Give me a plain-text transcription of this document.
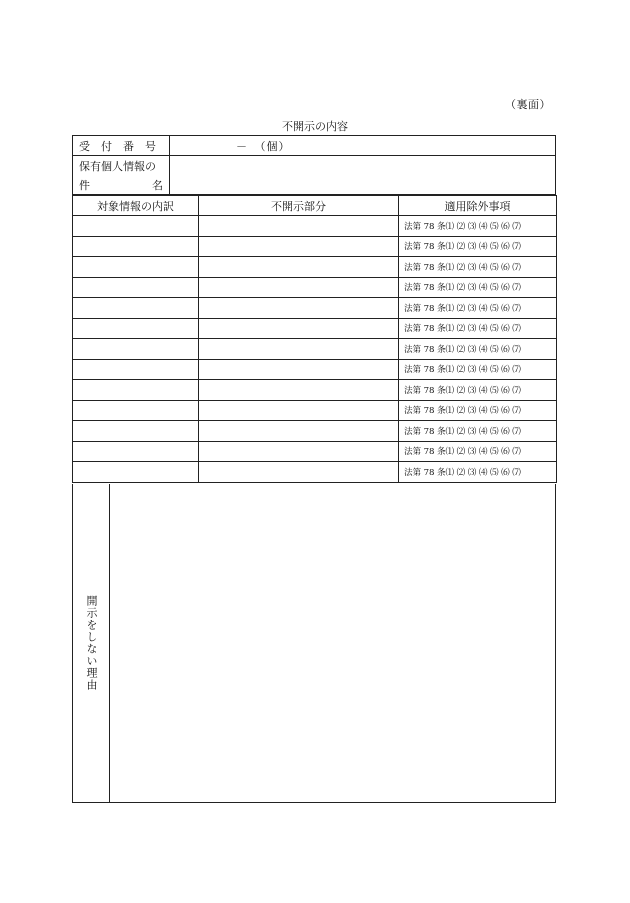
（裏面）
不開示の内容
受　付　番　号	－　（個）
保有個人情報の	

件 名	
対象情報の内訳	不開示部分	適用除外事項
		法第 78 条⑴ ⑵ ⑶ ⑷ ⑸ ⑹ ⑺
		法第 78 条⑴ ⑵ ⑶ ⑷ ⑸ ⑹ ⑺
		法第 78 条⑴ ⑵ ⑶ ⑷ ⑸ ⑹ ⑺
		法第 78 条⑴ ⑵ ⑶ ⑷ ⑸ ⑹ ⑺
		法第 78 条⑴ ⑵ ⑶ ⑷ ⑸ ⑹ ⑺
		法第 78 条⑴ ⑵ ⑶ ⑷ ⑸ ⑹ ⑺
		法第 78 条⑴ ⑵ ⑶ ⑷ ⑸ ⑹ ⑺
		法第 78 条⑴ ⑵ ⑶ ⑷ ⑸ ⑹ ⑺
		法第 78 条⑴ ⑵ ⑶ ⑷ ⑸ ⑹ ⑺
		法第 78 条⑴ ⑵ ⑶ ⑷ ⑸ ⑹ ⑺
		法第 78 条⑴ ⑵ ⑶ ⑷ ⑸ ⑹ ⑺
		法第 78 条⑴ ⑵ ⑶ ⑷ ⑸ ⑹ ⑺
		法第 78 条⑴ ⑵ ⑶ ⑷ ⑸ ⑹ ⑺
開示をしない理由
